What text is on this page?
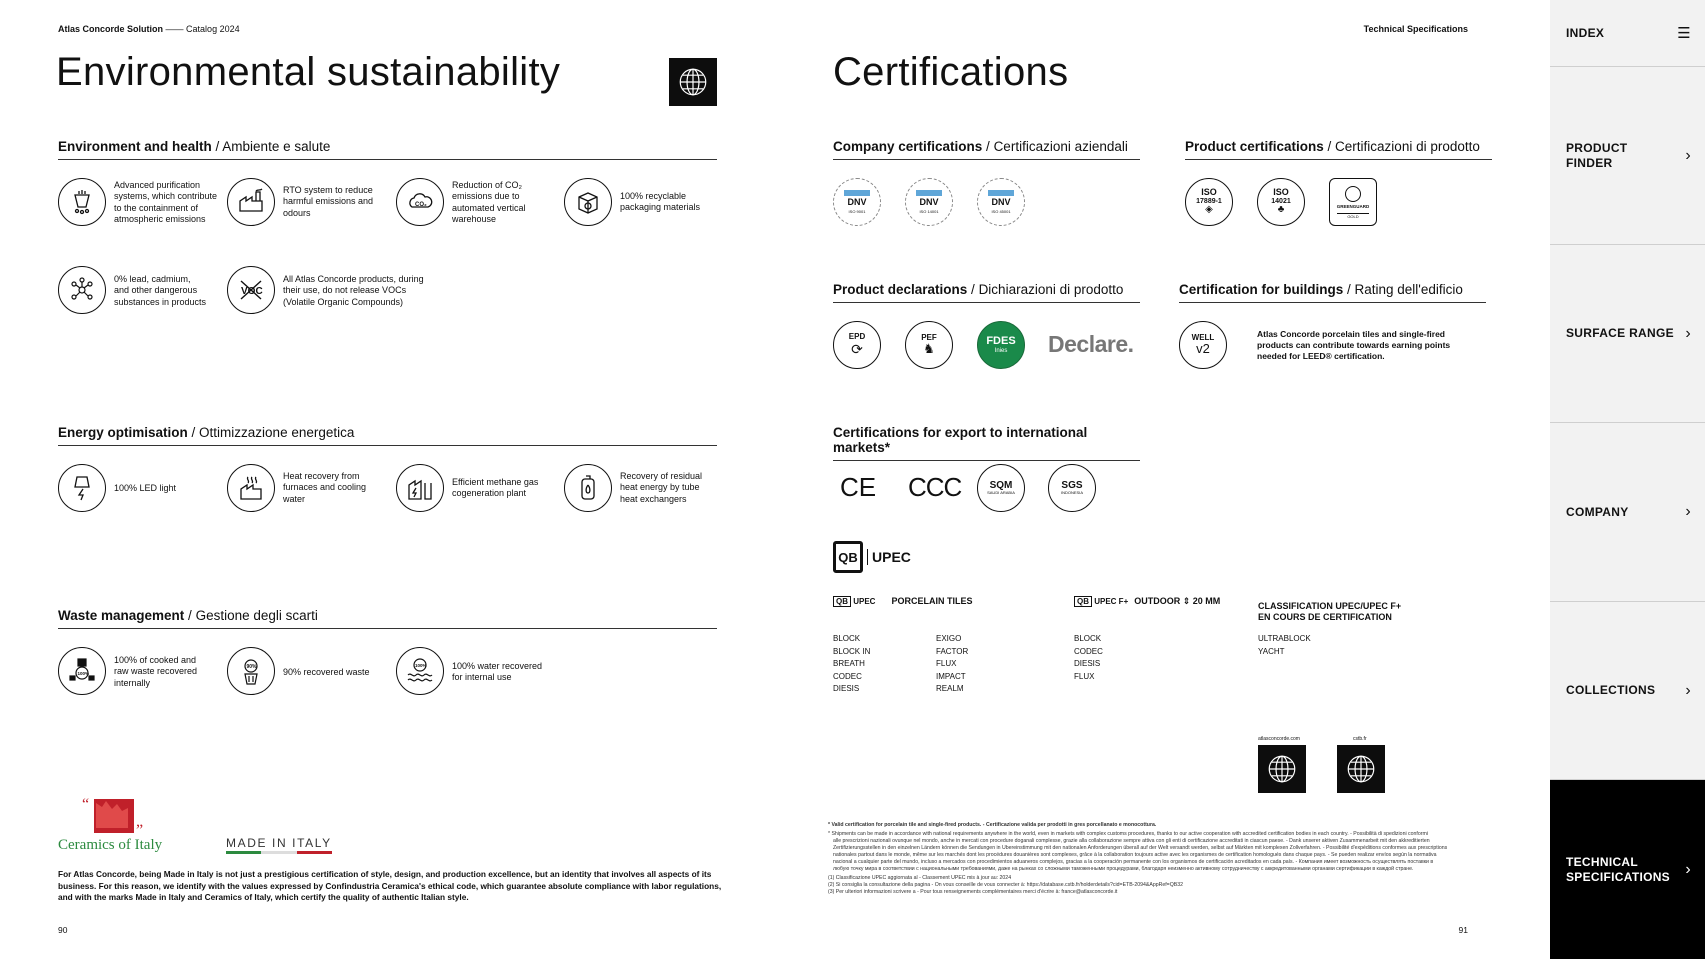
Atlas Concorde Solution —— Catalog 2024
Environmental sustainability
Environment and health / Ambiente e salute
Advanced purification
systems, which contribute
to the containment of
atmospheric emissions
RTO system to reduce
harmful emissions and
odours
CO₂
Reduction of CO₂
emissions due to
automated vertical
warehouse
100% recyclable
packaging materials
0% lead, cadmium,
and other dangerous
substances in products
VOC
All Atlas Concorde products, during
their use, do not release VOCs
(Volatile Organic Compounds)
Energy optimisation / Ottimizzazione energetica
100% LED light
Heat recovery from
furnaces and cooling
water
Efficient methane gas
cogeneration plant
Recovery of residual
heat energy by tube
heat exchangers
Waste management / Gestione degli scarti
100%
100% of cooked and
raw waste recovered
internally
90%	90% recovered waste
100%	100% water recovered
for internal use
“
”
Ceramics of Italy	MADE IN ITALY
For Atlas Concorde, being Made in Italy is not just a prestigious certification of style, design, and production excellence, but an identity that involves all aspects of its
business. For this reason, we identify with the values expressed by Confindustria Ceramica's ethical code, which guarantee absolute compliance with labor regulations,
and with the marks Made in Italy and Ceramics of Italy, which certify the quality of authentic Italian style.
90
Technical Specifications
Certifications
Company certifications / Certificazioni aziendali
DNV
ISO 9001
DNV
ISO 14001
DNV
ISO 45001
Product certifications / Certificazioni di prodotto
ISO
17889-1
◈
ISO
14021
♣	GREENGUARD
GOLD
Product declarations / Dichiarazioni di prodotto
EPD
⟳
PEF
♞
FDES
Inies	Declare.
Certification for buildings / Rating dell'edificio
WELL
v2
Atlas Concorde porcelain tiles and single-fired
products can contribute towards earning points
needed for LEED® certification.
Certifications for export to international markets*
CE CCC	SQM
SAUDI ARABIA
SGS
INDONESIA
QB	UPEC
QB UPEC PORCELAIN TILES
BLOCK
BLOCK IN
BREATH
CODEC
DIESIS
EXIGO
FACTOR
FLUX
IMPACT
REALM
QB UPEC F+ OUTDOOR ⇕ 20 MM
BLOCK
CODEC
DIESIS
FLUX
CLASSIFICATION UPEC/UPEC F+
EN COURS DE CERTIFICATION
ULTRABLOCK
YACHT
atlasconcorde.com	cstb.fr
* Valid certification for porcelain tile and single-fired products. - Certificazione valida per prodotti in gres porcellanato e monocottura.
* Shipments can be made in accordance with national requirements anywhere in the world, even in markets with complex customs procedures, thanks to our active cooperation with accredited certification bodies in each country. - Possibilità di spedizioni conformi
alle prescrizioni nazionali ovunque nel mondo, anche in mercati con procedure doganali complesse, grazie alla collaborazione sempre attiva con gli enti di certificazione accreditati in ciascun paese. - Dank unserer aktiven Zusammenarbeit mit den akkreditierten
Zertifizierungsstellen in den einzelnen Ländern können die Sendungen in Übereinstimmung mit den nationalen Anforderungen überall auf der Welt versandt werden, selbst auf Märkten mit komplexen Zollverfahren. - Possibilité d'expéditions conformes aux prescriptions
nationales partout dans le monde, même sur les marchés dont les procédures douanières sont complexes, grâce à la collaboration toujours active avec les organismes de certification homologués dans chaque pays. - Se pueden realizar envíos según la normativa
nacional a cualquier parte del mundo, incluso a mercados con procedimientos aduaneros complejos, gracias a la cooperación permanente con los organismos de certificación acreditados en cada país. - Компания имеет возможность осуществлять поставки в
любую точку мира в соответствии с национальными требованиями, даже на рынках со сложными таможенными процедурами, благодаря неизменно активному сотрудничеству с аккредитованными органами сертификации в каждой стране.
(1) Classificazione UPEC aggiornata al - Classement UPEC mis à jour au: 2024
(2) Si consiglia la consultazione della pagina - On vous conseille de vous connecter à: https://database.cstb.fr/holderdetails?cid=ETB-2094&AppRef=QB32
(3) Per ulteriori informazioni scrivere a - Pour tous renseignements complémentaires merci d'écrire à: france@atlasconcorde.it
91
INDEX	☰
PRODUCT FINDER	›
SURFACE RANGE ›
COMPANY	›
COLLECTIONS ›
TECHNICAL SPECIFICATIONS ›
